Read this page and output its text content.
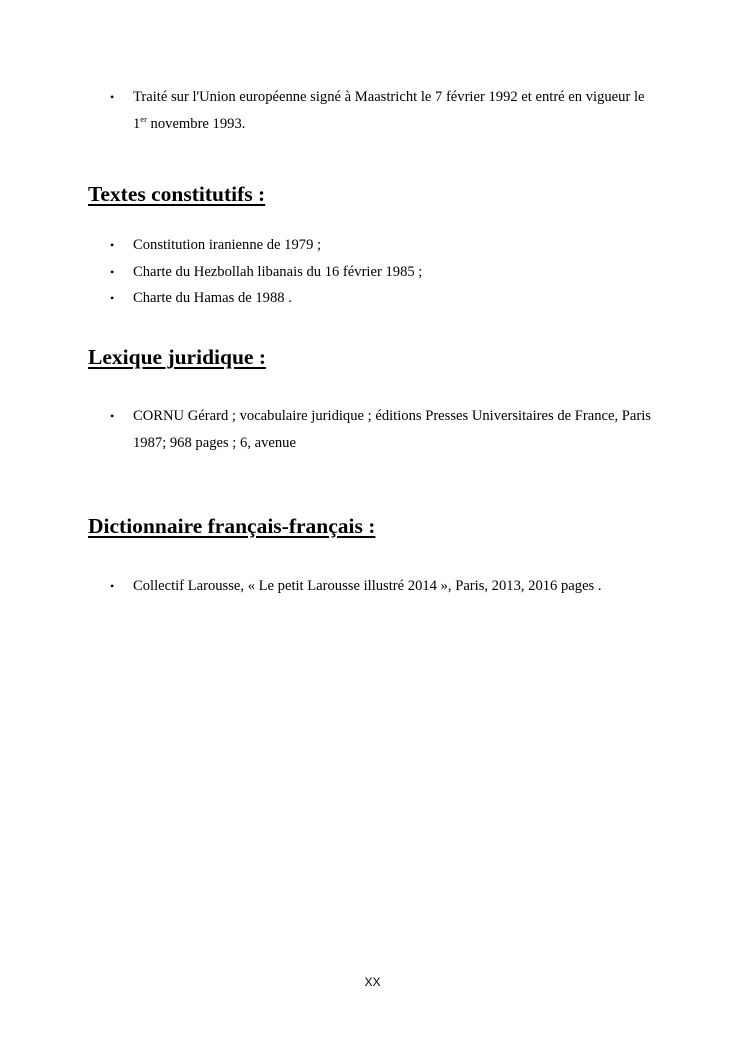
• Traité sur l'Union européenne signé à Maastricht le 7 février 1992 et entré en vigueur le 1er novembre 1993.
Textes constitutifs :
• Constitution iranienne de 1979 ;
• Charte du Hezbollah libanais du 16 février 1985 ;
• Charte du Hamas de 1988 .
Lexique juridique :
• CORNU Gérard ; vocabulaire juridique ; éditions Presses Universitaires de France, Paris 1987; 968 pages ; 6, avenue
Dictionnaire français-français :
• Collectif Larousse, « Le petit Larousse illustré 2014 », Paris, 2013, 2016 pages .
XX
